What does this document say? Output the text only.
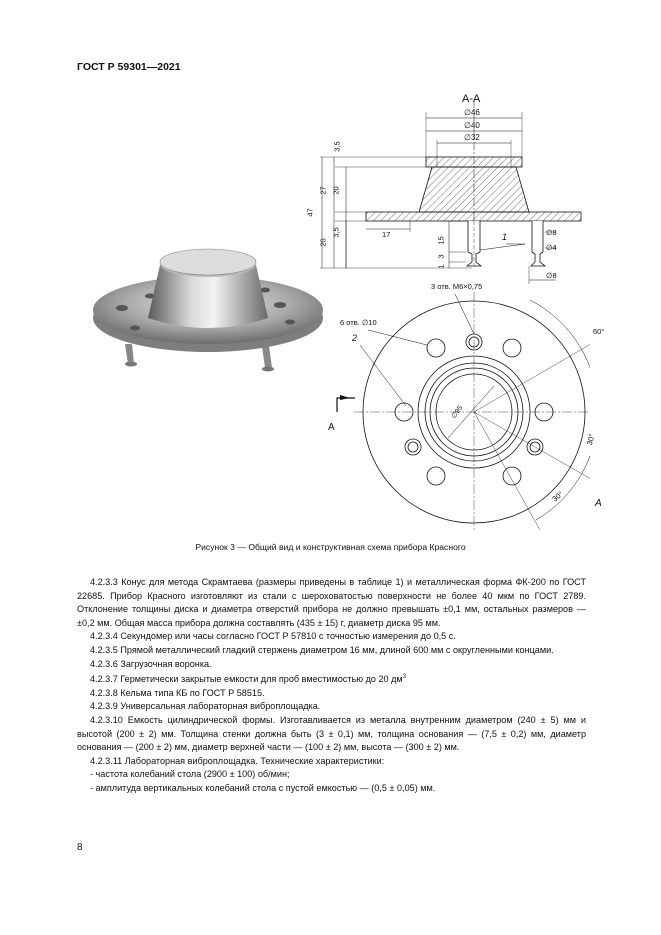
ГОСТ Р 59301—2021
А-А
∅46
∅40
∅32
3,5
27 20
47
20
3,5	17
15
3
1
∅8
∅4
∅8
1
3 отв. М6×0,75
6 отв. ∅10
2
60°
30°
30°
∅95
А
А
Рисунок 3 — Общий вид и конструктивная схема прибора Красного

4.2.3.3 Конус для метода Скрамтаева (размеры приведены в таблице 1) и металлическая форма ФК-200 по ГОСТ 22685. Прибор Красного изготовляют из стали с шероховатостью поверхности не более 40 мкм по ГОСТ 2789. Отклонение толщины диска и диаметра отверстий прибора не должно превышать ±0,1 мм, остальных размеров — ±0,2 мм. Общая масса прибора должна составлять (435 ± 15) г, диаметр диска 95 мм.

4.2.3.4 Секундомер или часы согласно ГОСТ Р 57810 с точностью измерения до 0,5 с.

4.2.3.5 Прямой металлический гладкий стержень диаметром 16 мм, длиной 600 мм с округленными концами.

4.2.3.6 Загрузочная воронка.

4.2.3.7 Герметически закрытые емкости для проб вместимостью до 20 $дм^3$

4.2.3.8 Кельма типа КБ по ГОСТ Р 58515.

4.2.3.9 Универсальная лабораторная виброплощадка.

4.2.3.10 Емкость цилиндрической формы. Изготавливается из металла внутренним диаметром (240 ± 5) мм и высотой (200 ± 2) мм. Толщина стенки должна быть (3 ± 0,1) мм, толщина основания — (7,5 ± 0,2) мм, диаметр основания — (200 ± 2) мм, диаметр верхней части — (100 ± 2) мм, высота — (300 ± 2) мм.

4.2.3.11 Лабораторная виброплощадка. Технические характеристики:

- частота колебаний стола (2900 ± 100) об/мин;

- амплитуда вертикальных колебаний стола с пустой емкостью — (0,5 ± 0,05) мм.

8
